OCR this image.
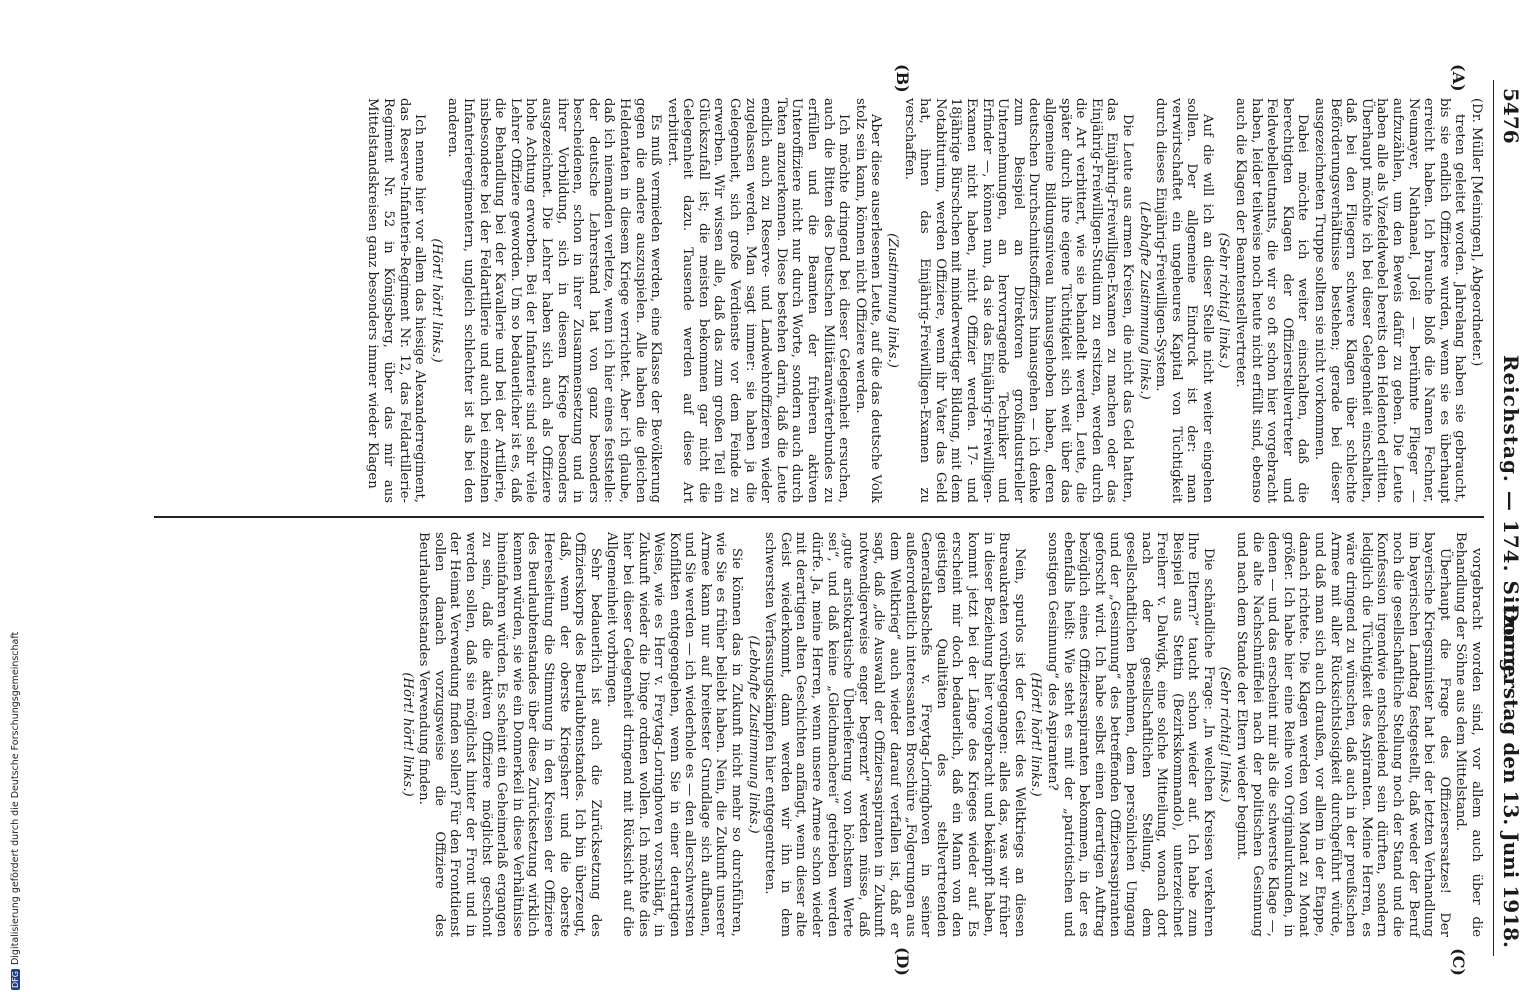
DFGDigitalisierung gefördert durch die Deutsche Forschungsgemeinschaft
5476
Reichstag. — 174. Sitzung.
Donnerstag den 13. Juni 1918.
(A)
(B)
(C)
(D)

(Dr. Müller [Meiningen], Abgeordneter.)

treten geleitet worden. Jahrelang haben sie gebraucht, bis sie endlich Offiziere wurden, wenn sie es überhaupt erreicht haben. Ich brauche bloß die Namen Fechner, Neumayer, Nathanael, Joël — berühmte Flieger — aufzuzählen, um den Beweis dafür zu geben. Die Leute haben alle als Vizefeldwebel bereits den Heldentod erlitten. Überhaupt möchte ich bei dieser Gelegenheit einschalten, daß bei den Fliegern schwere Klagen über schlechte Beförderungsverhältnisse bestehen; gerade bei dieser ausgezeichneten Truppe sollten sie nicht vorkommen.

Dabei möchte ich weiter einschalten, daß die berechtigten Klagen der Offizierstellvertreter und Feldwebelleutnants, die wir so oft schon hier vorgebracht haben, leider teilweise noch heute nicht erfüllt sind, ebenso auch die Klagen der Beamtenstellvertreter.

(Sehr richtig! links.)

Auf die will ich an dieser Stelle nicht weiter eingehen sollen. Der allgemeine Eindruck ist der: man verwirtschaftet ein ungeheures Kapital von Tüchtigkeit durch dieses Einjährig-Freiwilligen-System.

(Lebhafte Zustimmung links.)

Die Leute aus armen Kreisen, die nicht das Geld hatten, das Einjährig-Freiwilligen-Examen zu machen oder das Einjährig-Freiwilligen-Studium zu ersitzen, werden durch die Art verbittert, wie sie behandelt werden. Leute, die später durch ihre eigene Tüchtigkeit sich weit über das allgemeine Bildungsniveau hinausgehoben haben, deren deutschen Durchschnittsoffiziers hinausgehen — ich denke zum Beispiel an Direktoren großindustrieller Unternehmungen, an hervorragende Techniker und Erfinder —, können nun, da sie das Einjährig-Freiwilligen-Examen nicht haben, nicht Offizier werden. 17- und 18jährige Bürschchen mit minderwertiger Bildung, mit dem Notabiturium, werden Offiziere, wenn ihr Vater das Geld hat, ihnen das Einjährig-Freiwilligen-Examen zu verschaffen.

(Zustimmung links.)

Aber diese auserlesenen Leute, auf die das deutsche Volk stolz sein kann, können nicht Offiziere werden.

Ich möchte dringend bei dieser Gelegenheit ersuchen, auch die Bitten des Deutschen Militäranwärterbundes zu erfüllen und die Beamten der früheren aktiven Unteroffiziere nicht nur durch Worte, sondern auch durch Taten anzuerkennen. Diese bestehen darin, daß die Leute endlich auch zu Reserve- und Landwehroffizieren wieder zugelassen werden. Man sagt immer: sie haben ja die Gelegenheit, sich große Verdienste vor dem Feinde zu erwerben. Wir wissen alle, daß das zum großen Teil ein Glückszufall ist; die meisten bekommen gar nicht die Gelegenheit dazu. Tausende werden auf diese Art verbittert.

Es muß vermieden werden, eine Klasse der Bevölkerung gegen die andere auszuspielen. Alle haben die gleichen Heldentaten in diesem Kriege verrichtet. Aber ich glaube, daß ich niemanden verletze, wenn ich hier eines feststelle: der deutsche Lehrerstand hat von ganz besonders bescheidenen, schon in ihrer Zusammensetzung und in ihrer Vorbildung, sich in diesem Kriege besonders ausgezeichnet. Die Lehrer haben sich auch als Offiziere hohe Achtung erworben. Bei der Infanterie sind sehr viele Lehrer Offiziere geworden. Um so bedauerlicher ist es, daß die Behandlung bei der Kavallerie und bei der Artillerie, insbesondere bei der Feldartillerie und auch bei einzelnen Infanterieregimentern, ungleich schlechter ist als bei den anderen.

(Hört! hört! links.)

Ich nenne hier vor allem das hiesige Alexanderregiment, das Reserve-Infanterie-Regiment Nr. 12, das Feldartillerie-Regiment Nr. 52 in Königsberg, über das mir aus Mittelstandskreisen ganz besonders immer wieder Klagen

vorgebracht worden sind, vor allem auch über die Behandlung der Söhne aus dem Mittelstand.

Überhaupt die Frage des Offiziersersatzes! Der bayerische Kriegsminister hat bei der letzten Verhandlung im bayerischen Landtag festgestellt, daß weder der Beruf noch die gesellschaftliche Stellung noch der Stand und die Konfession irgendwie entscheidend sein dürften, sondern lediglich die Tüchtigkeit des Aspiranten. Meine Herren, es wäre dringend zu wünschen, daß auch in der preußischen Armee mit aller Rücksichtslosigkeit durchgeführt würde, und daß man sich auch draußen, vor allem in der Etappe, danach richtete. Die Klagen werden von Monat zu Monat größer. Ich habe hier eine Reihe von Originalurkunden, in denen — und das erscheint mir als die schwerste Klage —, die alte Nachschnüffelei nach der politischen Gesinnung und nach dem Stande der Eltern wieder beginnt.

(Sehr richtig! links.)

Die schändliche Frage: „In welchen Kreisen verkehren Ihre Eltern?“ taucht schon wieder auf. Ich habe zum Beispiel aus Stettin (Bezirkskommando), unterzeichnet Freiherr v. Dalwigk, eine solche Mitteilung, wonach dort nach der gesellschaftlichen Stellung, dem gesellschaftlichen Benehmen, dem persönlichen Umgang und der „Gesinnung“ des betreffenden Offiziersaspiranten geforscht wird. Ich habe selbst einen derartigen Auftrag bezüglich eines Offiziersaspiranten bekommen, in der es ebenfalls heißt: Wie steht es mit der „patriotischen und sonstigen Gesinnung“ des Aspiranten?

(Hört! hört! links.)

Nein, spurlos ist der Geist des Weltkriegs an diesen Bureaukraten vorübergegangen: alles das, was wir früher in dieser Beziehung hier vorgebracht und bekämpft haben, kommt jetzt bei der Länge des Krieges wieder auf. Es erscheint mir doch bedauerlich, daß ein Mann von den geistigen Qualitäten des stellvertretenden Generalstabschefs v. Freytag-Loringhoven in seiner außerordentlich interessanten Broschüre „Folgerungen aus dem Weltkrieg“ auch wieder darauf verfallen ist, daß er sagt, daß „die Auswahl der Offiziersaspiranten in Zukunft notwendigerweise enger begrenzt“ werden müsse, daß „gute aristokratische Überlieferung von höchstem Werte sei“, und daß keine „Gleichmacherei“ getrieben werden dürfe. Ja, meine Herren, wenn unsere Armee schon wieder mit derartigen alten Geschichten anfängt, wenn dieser alte Geist wiederkommt, dann werden wir ihn in dem schwersten Verfassungskämpfen hier entgegentreten.

(Lebhafte Zustimmung links.)

Sie können das in Zukunft nicht mehr so durchführen, wie Sie es früher beliebt haben. Nein, die Zukunft unserer Armee kann nur auf breitester Grundlage sich aufbauen, und Sie werden — ich wiederhole es — den allerschwersten Konflikten entgegengehen, wenn Sie in einer derartigen Weise, wie es Herr v. Freytag-Loringhoven vorschlägt, in Zukunft wieder die Dinge ordnen wollen. Ich möchte dies hier bei dieser Gelegenheit dringend mit Rücksicht auf die Allgemeinheit vorbringen.

Sehr bedauerlich ist auch die Zurücksetzung des Offizierskorps des Beurlaubtenstandes. Ich bin überzeugt, daß, wenn der oberste Kriegsherr und die oberste Heeresleitung die Stimmung in den Kreisen der Offiziere des Beurlaubtenstandes über diese Zurücksetzung wirklich kennen würden, sie wie ein Donnerkeil in diese Verhältnisse hineinfahren würden. Es scheint ein Geheimerlaß ergangen zu sein, daß die aktiven Offiziere möglichst geschont werden sollen, daß sie möglichst hinter der Front und in der Heimat Verwendung finden sollen? Für den Frontdienst sollen danach vorzugsweise die Offiziere des Beurlaubtenstandes Verwendung finden.

(Hört! hört! links.)
